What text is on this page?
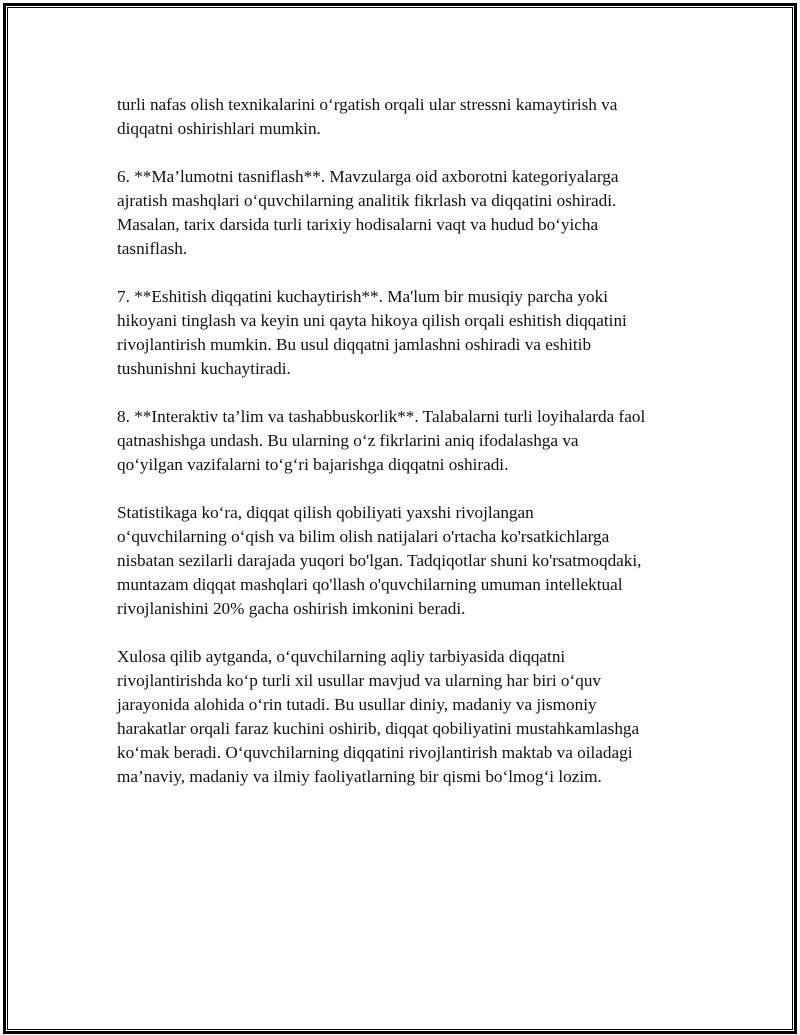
turli nafas olish texnikalarini o‘rgatish orqali ular stressni kamaytirish va
diqqatni oshirishlari mumkin.

6. **Ma’lumotni tasniflash**. Mavzularga oid axborotni kategoriyalarga
ajratish mashqlari o‘quvchilarning analitik fikrlash va diqqatini oshiradi.
Masalan, tarix darsida turli tarixiy hodisalarni vaqt va hudud bo‘yicha
tasniflash.

7. **Eshitish diqqatini kuchaytirish**. Ma'lum bir musiqiy parcha yoki
hikoyani tinglash va keyin uni qayta hikoya qilish orqali eshitish diqqatini
rivojlantirish mumkin. Bu usul diqqatni jamlashni oshiradi va eshitib
tushunishni kuchaytiradi.

8. **Interaktiv ta’lim va tashabbuskorlik**. Talabalarni turli loyihalarda faol
qatnashishga undash. Bu ularning o‘z fikrlarini aniq ifodalashga va
qo‘yilgan vazifalarni to‘g‘ri bajarishga diqqatni oshiradi.

Statistikaga ko‘ra, diqqat qilish qobiliyati yaxshi rivojlangan
o‘quvchilarning o‘qish va bilim olish natijalari o'rtacha ko'rsatkichlarga
nisbatan sezilarli darajada yuqori bo'lgan. Tadqiqotlar shuni ko'rsatmoqdaki,
muntazam diqqat mashqlari qo'llash o'quvchilarning umuman intellektual
rivojlanishini 20% gacha oshirish imkonini beradi.

Xulosa qilib aytganda, o‘quvchilarning aqliy tarbiyasida diqqatni
rivojlantirishda ko‘p turli xil usullar mavjud va ularning har biri o‘quv
jarayonida alohida o‘rin tutadi. Bu usullar diniy, madaniy va jismoniy
harakatlar orqali faraz kuchini oshirib, diqqat qobiliyatini mustahkamlashga
ko‘mak beradi. O‘quvchilarning diqqatini rivojlantirish maktab va oiladagi
ma’naviy, madaniy va ilmiy faoliyatlarning bir qismi bo‘lmog‘i lozim.
